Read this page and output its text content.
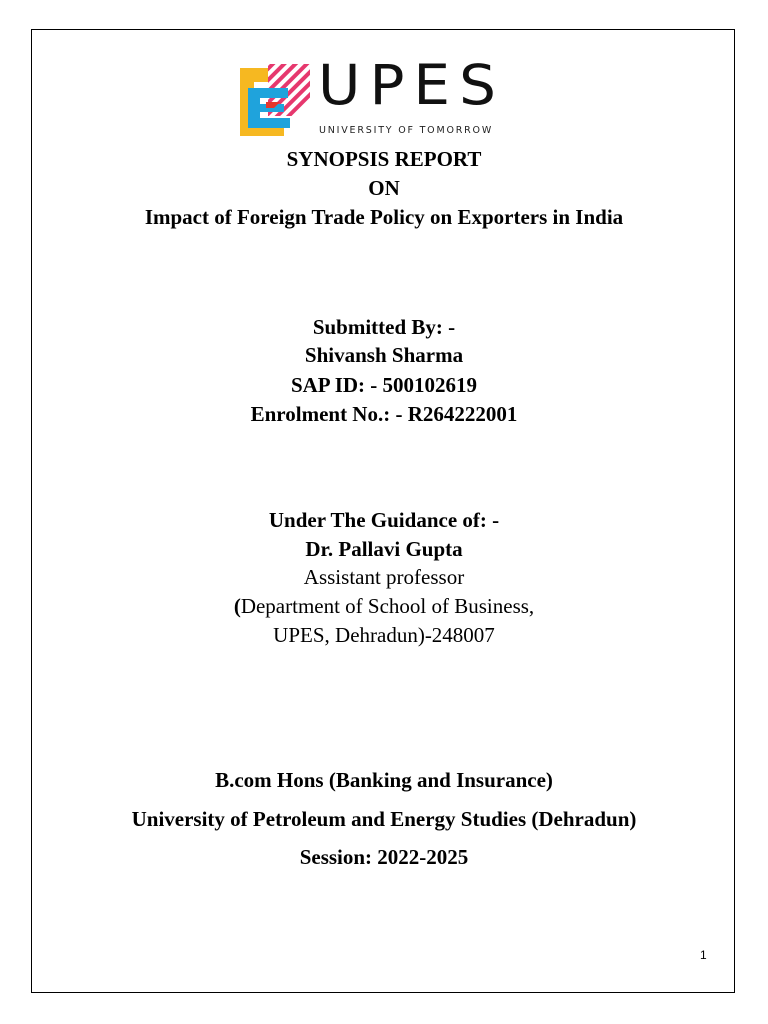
UPES
UNIVERSITY OF TOMORROW
SYNOPSIS REPORT
ON
Impact of Foreign Trade Policy on Exporters in India
Submitted By: -
Shivansh Sharma
SAP ID: - 500102619
Enrolment No.: - R264222001
Under The Guidance of: -
Dr. Pallavi Gupta
Assistant professor
(Department of School of Business,
UPES, Dehradun)-248007
B.com Hons (Banking and Insurance)
University of Petroleum and Energy Studies (Dehradun)
Session: 2022-2025
1
